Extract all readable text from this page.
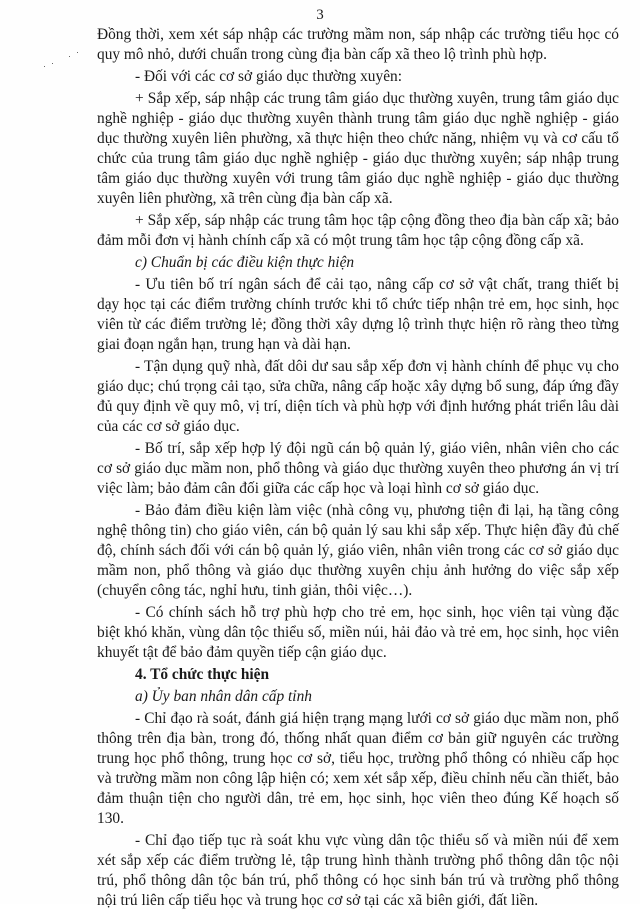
3

Đồng thời, xem xét sáp nhập các trường mầm non, sáp nhập các trường tiểu học có quy mô nhỏ, dưới chuẩn trong cùng địa bàn cấp xã theo lộ trình phù hợp.

- Đối với các cơ sở giáo dục thường xuyên:

+ Sắp xếp, sáp nhập các trung tâm giáo dục thường xuyên, trung tâm giáo dục nghề nghiệp - giáo dục thường xuyên thành trung tâm giáo dục nghề nghiệp - giáo dục thường xuyên liên phường, xã thực hiện theo chức năng, nhiệm vụ và cơ cấu tổ chức của trung tâm giáo dục nghề nghiệp - giáo dục thường xuyên; sáp nhập trung tâm giáo dục thường xuyên với trung tâm giáo dục nghề nghiệp - giáo dục thường xuyên liên phường, xã trên cùng địa bàn cấp xã.

+ Sắp xếp, sáp nhập các trung tâm học tập cộng đồng theo địa bàn cấp xã; bảo đảm mỗi đơn vị hành chính cấp xã có một trung tâm học tập cộng đồng cấp xã.

c) Chuẩn bị các điều kiện thực hiện

- Ưu tiên bố trí ngân sách để cải tạo, nâng cấp cơ sở vật chất, trang thiết bị dạy học tại các điểm trường chính trước khi tổ chức tiếp nhận trẻ em, học sinh, học viên từ các điểm trường lẻ; đồng thời xây dựng lộ trình thực hiện rõ ràng theo từng giai đoạn ngắn hạn, trung hạn và dài hạn.

- Tận dụng quỹ nhà, đất dôi dư sau sắp xếp đơn vị hành chính để phục vụ cho giáo dục; chú trọng cải tạo, sửa chữa, nâng cấp hoặc xây dựng bổ sung, đáp ứng đầy đủ quy định về quy mô, vị trí, diện tích và phù hợp với định hướng phát triển lâu dài của các cơ sở giáo dục.

- Bố trí, sắp xếp hợp lý đội ngũ cán bộ quản lý, giáo viên, nhân viên cho các cơ sở giáo dục mầm non, phổ thông và giáo dục thường xuyên theo phương án vị trí việc làm; bảo đảm cân đối giữa các cấp học và loại hình cơ sở giáo dục.

- Bảo đảm điều kiện làm việc (nhà công vụ, phương tiện đi lại, hạ tầng công nghệ thông tin) cho giáo viên, cán bộ quản lý sau khi sắp xếp. Thực hiện đầy đủ chế độ, chính sách đối với cán bộ quản lý, giáo viên, nhân viên trong các cơ sở giáo dục mầm non, phổ thông và giáo dục thường xuyên chịu ảnh hưởng do việc sắp xếp (chuyển công tác, nghỉ hưu, tinh giản, thôi việc…).

- Có chính sách hỗ trợ phù hợp cho trẻ em, học sinh, học viên tại vùng đặc biệt khó khăn, vùng dân tộc thiểu số, miền núi, hải đảo và trẻ em, học sinh, học viên khuyết tật để bảo đảm quyền tiếp cận giáo dục.

4. Tổ chức thực hiện

a) Ủy ban nhân dân cấp tỉnh

- Chỉ đạo rà soát, đánh giá hiện trạng mạng lưới cơ sở giáo dục mầm non, phổ thông trên địa bàn, trong đó, thống nhất quan điểm cơ bản giữ nguyên các trường trung học phổ thông, trung học cơ sở, tiểu học, trường phổ thông có nhiều cấp học và trường mầm non công lập hiện có; xem xét sắp xếp, điều chỉnh nếu cần thiết, bảo đảm thuận tiện cho người dân, trẻ em, học sinh, học viên theo đúng Kế hoạch số 130.

- Chỉ đạo tiếp tục rà soát khu vực vùng dân tộc thiểu số và miền núi để xem xét sắp xếp các điểm trường lẻ, tập trung hình thành trường phổ thông dân tộc nội trú, phổ thông dân tộc bán trú, phổ thông có học sinh bán trú và trường phổ thông nội trú liên cấp tiểu học và trung học cơ sở tại các xã biên giới, đất liền.
